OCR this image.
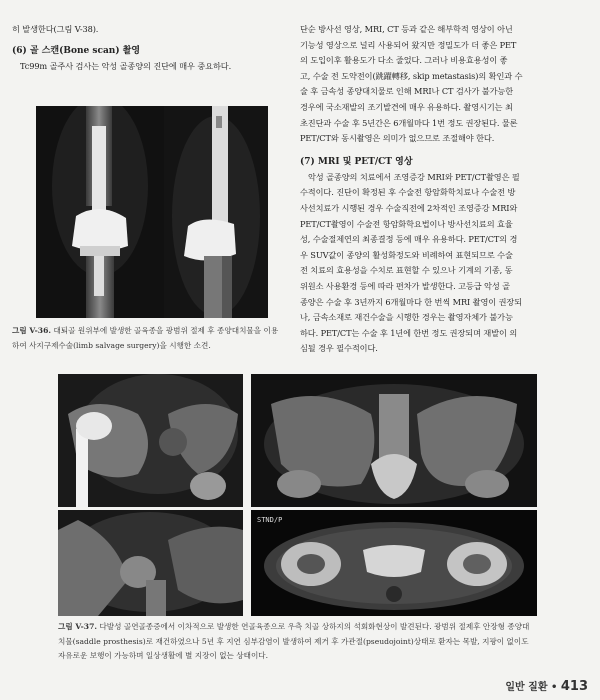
히 발생한다(그림 V-38).

(6) 골 스캔(Bone scan) 촬영

Tc99m 골주사 검사는 악성 골종양의 진단에 매우 중요하다.

그림 V-36. 대퇴골 원위부에 발생한 골육종을 광범위 절제 후 종양대치물을 이용하여 사지구제수술(limb salvage surgery)을 시행한 소견.

단순 방사선 영상, MRI, CT 등과 같은 해부학적 영상이 아닌

기능성 영상으로 널리 사용되어 왔지만 정밀도가 더 좋은 PET

의 도입이후 활용도가 다소 줄었다. 그러나 비용효용성이 좋

고, 수술 전 도약전이(跳躍轉移, skip metastasis)의 확인과 수

술 후 금속성 종양대치물로 인해 MRI나 CT 검사가 불가능한

경우에 국소재발의 조기발견에 매우 유용하다. 촬영시기는 최

초진단과 수술 후 5년간은 6개월마다 1번 정도 권장된다. 물론

PET/CT와 동시촬영은 의미가 없으므로 조절해야 한다.

(7) MRI 및 PET/CT 영상

악성 골종양의 치료에서 조영증강 MRI와 PET/CT촬영은 필

수적이다. 진단이 확정된 후 수술전 항암화학치료나 수술전 방

사선치료가 시행된 경우 수술직전에 2차적인 조영증강 MRI와

PET/CT촬영이 수술전 항암화학요법이나 방사선치료의 효율

성, 수술절제연의 최종결정 등에 매우 유용하다. PET/CT의 경

우 SUV값이 종양의 활성화정도와 비례하여 표현되므로 수술

전 치료의 효용성을 수치로 표현할 수 있으나 기계의 기종, 동

위원소 사용환경 등에 따라 편차가 발생한다. 고등급 악성 골

종양은 수술 후 3년까지 6개월마다 한 번씩 MRI 촬영이 권장되

나, 금속소재로 재건수술을 시행한 경우는 촬영자체가 불가능

하다. PET/CT는 수술 후 1년에 한번 정도 권장되며 재발이 의

심될 경우 필수적이다.

STND/P

그림 V-37. 다발성 골연골종증에서 이차적으로 발생한 연골육종으로 우측 치골 상하지의 석회화현상이 발견된다. 광범위 절제후 안장형 종양대치물(saddle prosthesis)로 재건하였으나 5년 후 지연 심부감염이 발생하여 제거 후 가관절(pseudojoint)상태로 환자는 목발, 지팡이 없이도 자유로운 보행이 가능하며 일상생활에 별 지장이 없는 상태이다.

일반 질환 • 413
